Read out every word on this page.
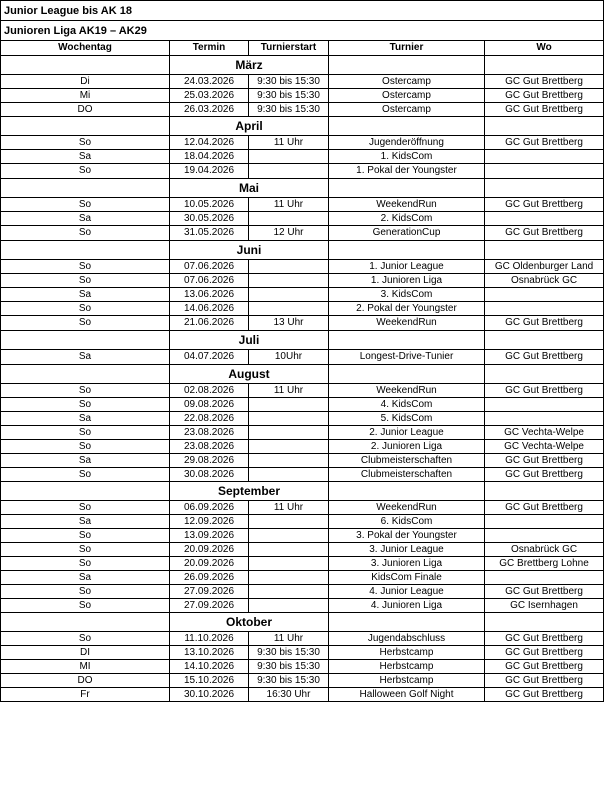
Junior League bis AK 18				
Junioren Liga AK19 – AK29				
Wochentag	Termin	Turnierstart	Turnier	Wo
	März			
Di	24.03.2026	9:30 bis 15:30	Ostercamp	GC Gut Brettberg
Mi	25.03.2026	9:30 bis 15:30	Ostercamp	GC Gut Brettberg
DO	26.03.2026	9:30 bis 15:30	Ostercamp	GC Gut Brettberg
	April			
So	12.04.2026	11 Uhr	Jugenderöffnung	GC Gut Brettberg
Sa	18.04.2026		1. KidsCom	
So	19.04.2026		1. Pokal der Youngster	
	Mai			
So	10.05.2026	11 Uhr	WeekendRun	GC Gut Brettberg
Sa	30.05.2026		2. KidsCom	
So	31.05.2026	12 Uhr	GenerationCup	GC Gut Brettberg
	Juni			
So	07.06.2026		1. Junior League	GC Oldenburger Land
So	07.06.2026		1. Junioren Liga	Osnabrück GC
Sa	13.06.2026		3. KidsCom	
So	14.06.2026		2. Pokal der Youngster	
So	21.06.2026	13 Uhr	WeekendRun	GC Gut Brettberg
	Juli			
Sa	04.07.2026	10Uhr	Longest-Drive-Tunier	GC Gut Brettberg
	August			
So	02.08.2026	11 Uhr	WeekendRun	GC Gut Brettberg
So	09.08.2026		4. KidsCom	
Sa	22.08.2026		5. KidsCom	
So	23.08.2026		2. Junior League	GC Vechta-Welpe
So	23.08.2026		2. Junioren Liga	GC Vechta-Welpe
Sa	29.08.2026		Clubmeisterschaften	GC Gut Brettberg
So	30.08.2026		Clubmeisterschaften	GC Gut Brettberg
	September			
So	06.09.2026	11 Uhr	WeekendRun	GC Gut Brettberg
Sa	12.09.2026		6. KidsCom	
So	13.09.2026		3. Pokal der Youngster	
So	20.09.2026		3. Junior League	Osnabrück GC
So	20.09.2026		3. Junioren Liga	GC Brettberg Lohne
Sa	26.09.2026		KidsCom Finale	
So	27.09.2026		4. Junior League	GC Gut Brettberg
So	27.09.2026		4. Junioren Liga	GC Isernhagen
	Oktober			
So	11.10.2026	11 Uhr	Jugendabschluss	GC Gut Brettberg
DI	13.10.2026	9:30 bis 15:30	Herbstcamp	GC Gut Brettberg
MI	14.10.2026	9:30 bis 15:30	Herbstcamp	GC Gut Brettberg
DO	15.10.2026	9:30 bis 15:30	Herbstcamp	GC Gut Brettberg
Fr	30.10.2026	16:30 Uhr	Halloween Golf Night	GC Gut Brettberg
